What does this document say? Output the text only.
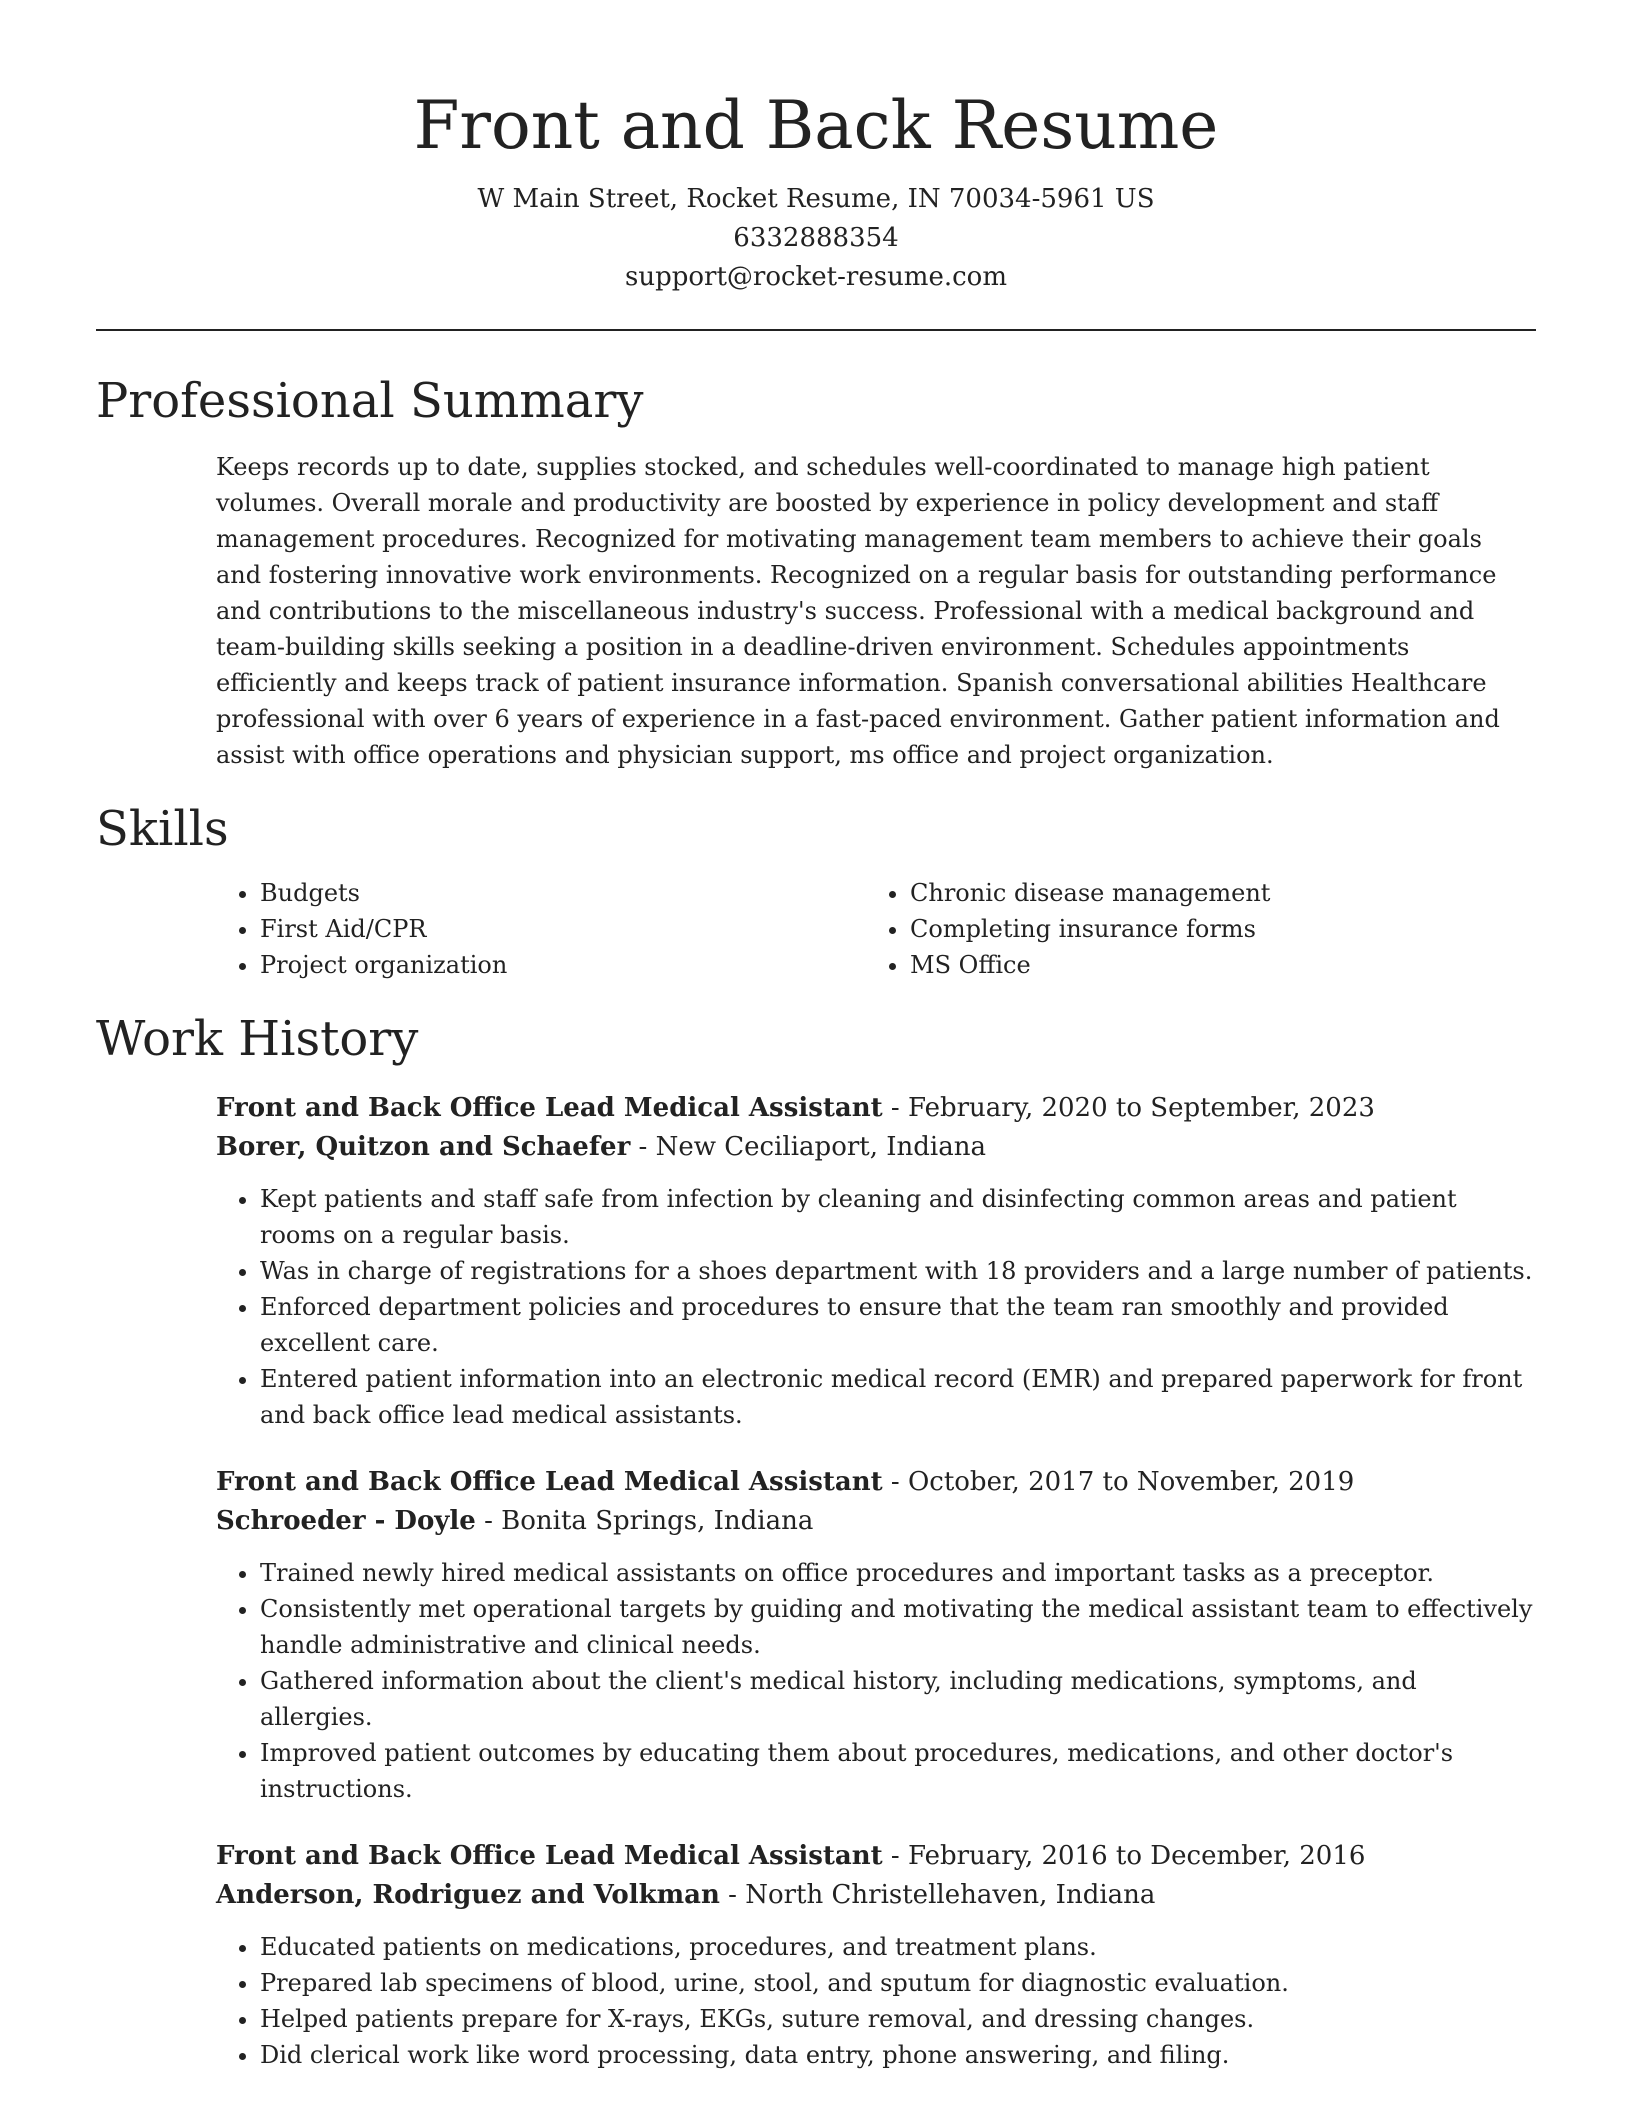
Front and Back Resume
W Main Street, Rocket Resume, IN 70034-5961 US
6332888354
support@rocket-resume.com
Professional Summary

Keeps records up to date, supplies stocked, and schedules well-coordinated to manage high patient volumes. Overall morale and productivity are boosted by experience in policy development and staff management procedures. Recognized for motivating management team members to achieve their goals and fostering innovative work environments. Recognized on a regular basis for outstanding performance and contributions to the miscellaneous industry's success. Professional with a medical background and team-building skills seeking a position in a deadline-driven environment. Schedules appointments efficiently and keeps track of patient insurance information. Spanish conversational abilities Healthcare professional with over 6 years of experience in a fast-paced environment. Gather patient information and assist with office operations and physician support, ms office and project organization.

Skills
• Budgets
• First Aid/CPR
• Project organization
• Chronic disease management
• Completing insurance forms
• MS Office
Work History
Front and Back Office Lead Medical Assistant - February, 2020 to September, 2023
Borer, Quitzon and Schaefer - New Ceciliaport, Indiana
• Kept patients and staff safe from infection by cleaning and disinfecting common areas and patient rooms on a regular basis.
• Was in charge of registrations for a shoes department with 18 providers and a large number of patients.
• Enforced department policies and procedures to ensure that the team ran smoothly and provided excellent care.
• Entered patient information into an electronic medical record (EMR) and prepared paperwork for front and back office lead medical assistants.
Front and Back Office Lead Medical Assistant - October, 2017 to November, 2019
Schroeder - Doyle - Bonita Springs, Indiana
• Trained newly hired medical assistants on office procedures and important tasks as a preceptor.
• Consistently met operational targets by guiding and motivating the medical assistant team to effectively handle administrative and clinical needs.
• Gathered information about the client's medical history, including medications, symptoms, and allergies.
• Improved patient outcomes by educating them about procedures, medications, and other doctor's instructions.
Front and Back Office Lead Medical Assistant - February, 2016 to December, 2016
Anderson, Rodriguez and Volkman - North Christellehaven, Indiana
• Educated patients on medications, procedures, and treatment plans.
• Prepared lab specimens of blood, urine, stool, and sputum for diagnostic evaluation.
• Helped patients prepare for X-rays, EKGs, suture removal, and dressing changes.
• Did clerical work like word processing, data entry, phone answering, and filing.
